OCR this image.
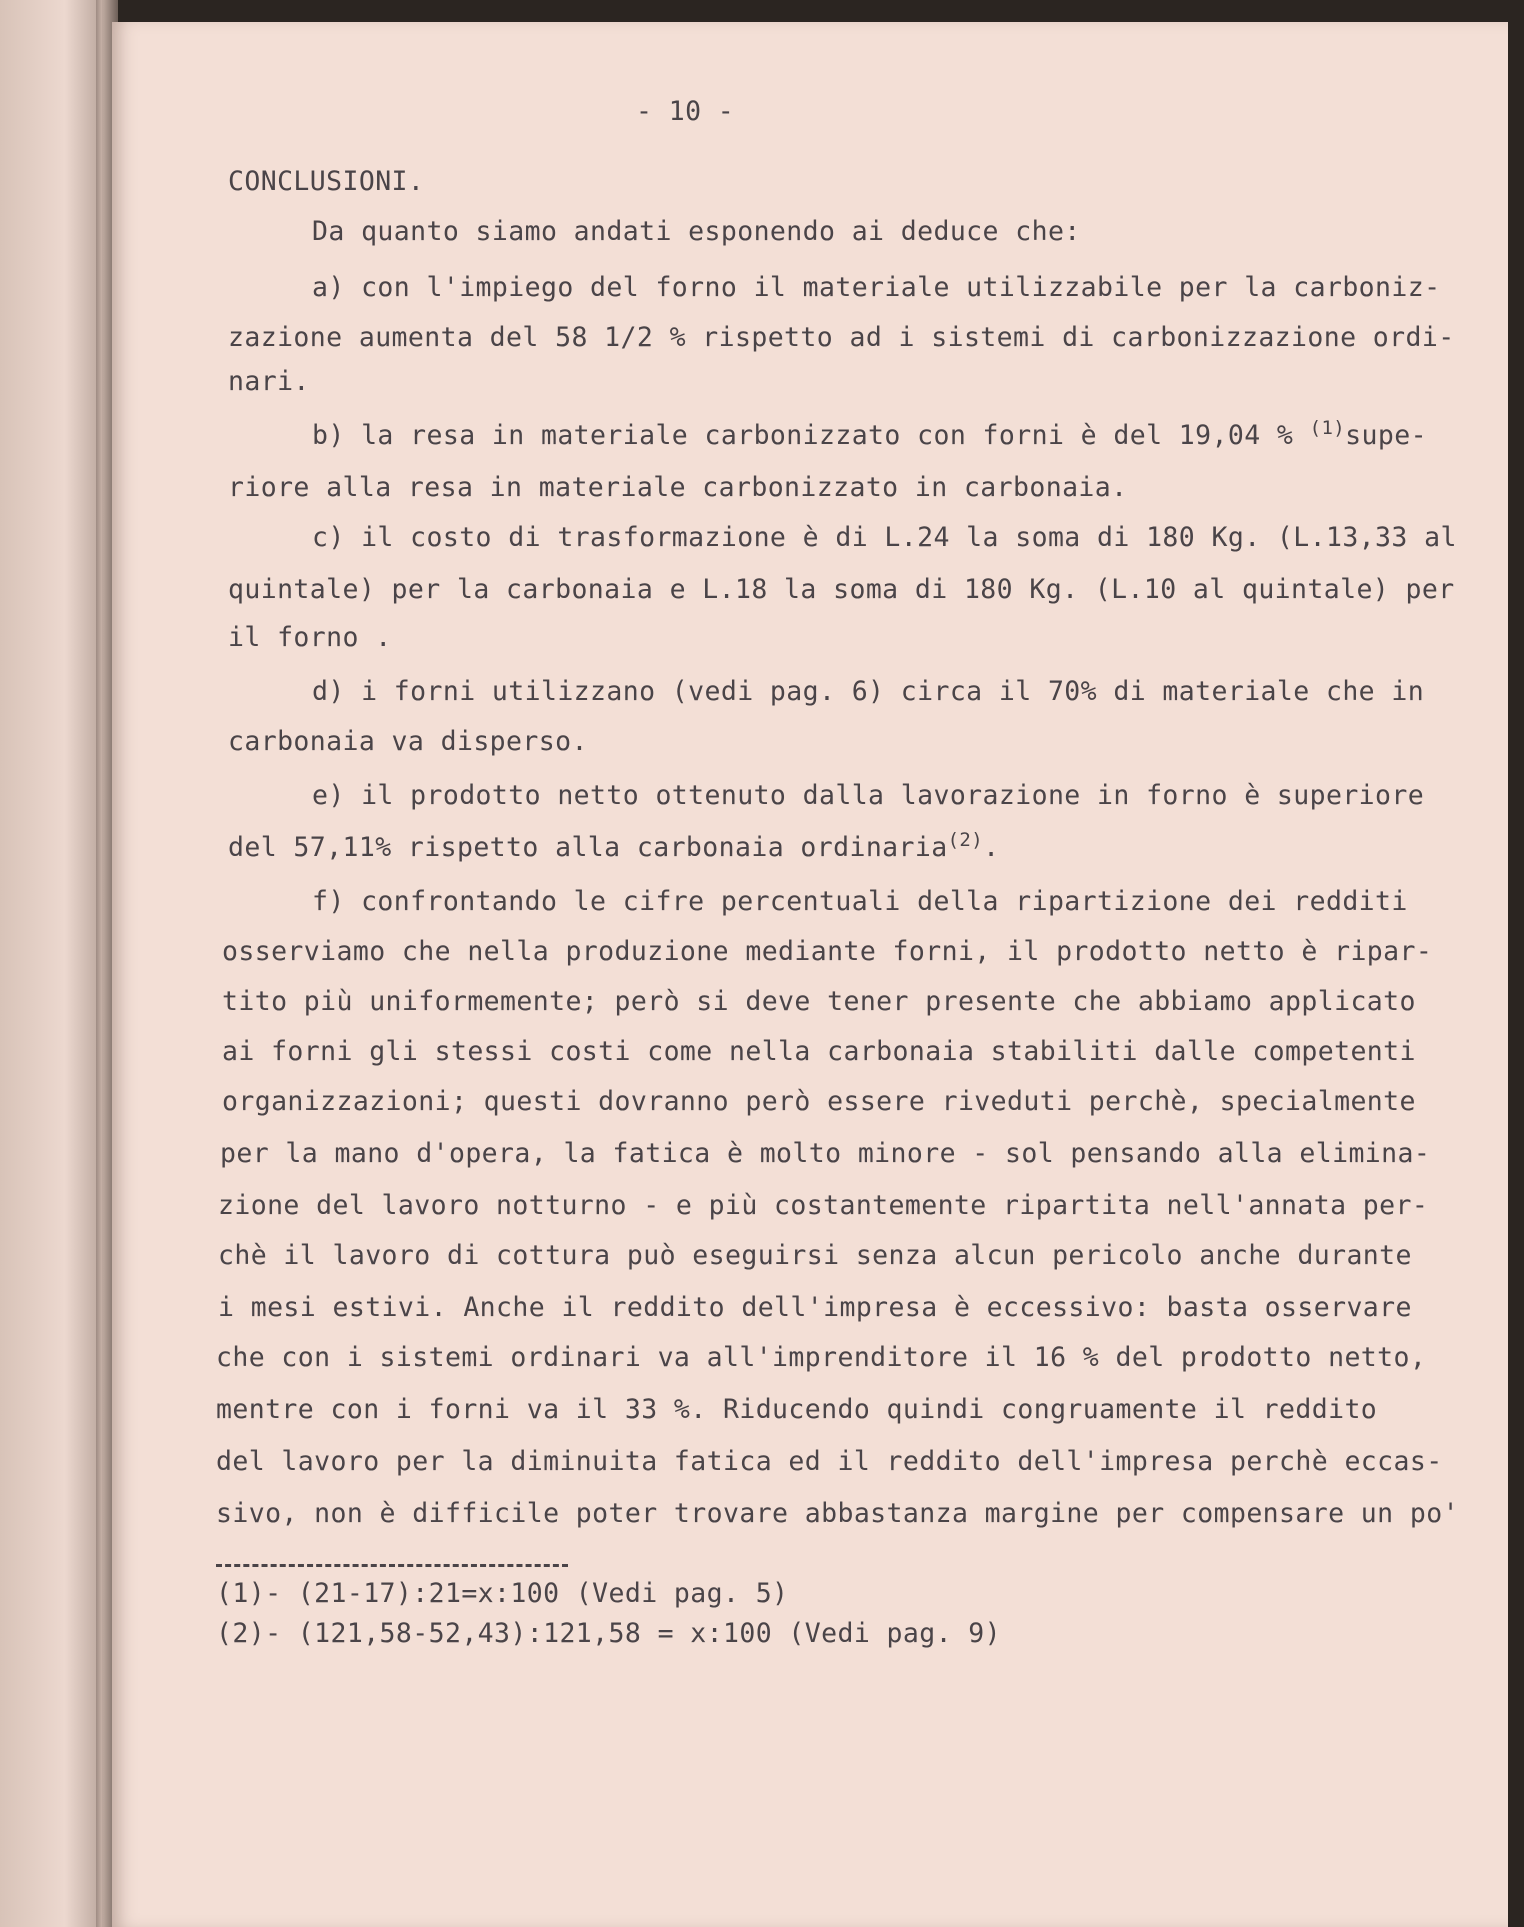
- 10 -
CONCLUSIONI.
Da quanto siamo andati esponendo ai deduce che:
a) con l'impiego del forno il materiale utilizzabile per la carboniz-
zazione aumenta del 58 1/2 % rispetto ad i sistemi di carbonizzazione ordi-
nari.
b) la resa in materiale carbonizzato con forni è del 19,04 % $^{(1)}$supe-
riore alla resa in materiale carbonizzato in carbonaia.
c) il costo di trasformazione è di L.24 la soma di 180 Kg. (L.13,33 al
quintale) per la carbonaia e L.18 la soma di 180 Kg. (L.10 al quintale) per
il forno .
d) i forni utilizzano (vedi pag. 6) circa il 70% di materiale che in
carbonaia va disperso.
e) il prodotto netto ottenuto dalla lavorazione in forno è superiore
del 57,11% rispetto alla carbonaia ordinaria$^{(2)}$.
f) confrontando le cifre percentuali della ripartizione dei redditi
osserviamo che nella produzione mediante forni, il prodotto netto è ripar-
tito più uniformemente; però si deve tener presente che abbiamo applicato
ai forni gli stessi costi come nella carbonaia stabiliti dalle competenti
organizzazioni; questi dovranno però essere riveduti perchè, specialmente
per la mano d'opera, la fatica è molto minore - sol pensando alla elimina-
zione del lavoro notturno - e più costantemente ripartita nell'annata per-
chè il lavoro di cottura può eseguirsi senza alcun pericolo anche durante
i mesi estivi. Anche il reddito dell'impresa è eccessivo: basta osservare
che con i sistemi ordinari va all'imprenditore il 16 % del prodotto netto,
mentre con i forni va il 33 %. Riducendo quindi congruamente il reddito
del lavoro per la diminuita fatica ed il reddito dell'impresa perchè eccas-
sivo, non è difficile poter trovare abbastanza margine per compensare un po'
(1)- (21-17):21=x:100 (Vedi pag. 5)
(2)- (121,58-52,43):121,58 = x:100 (Vedi pag. 9)
